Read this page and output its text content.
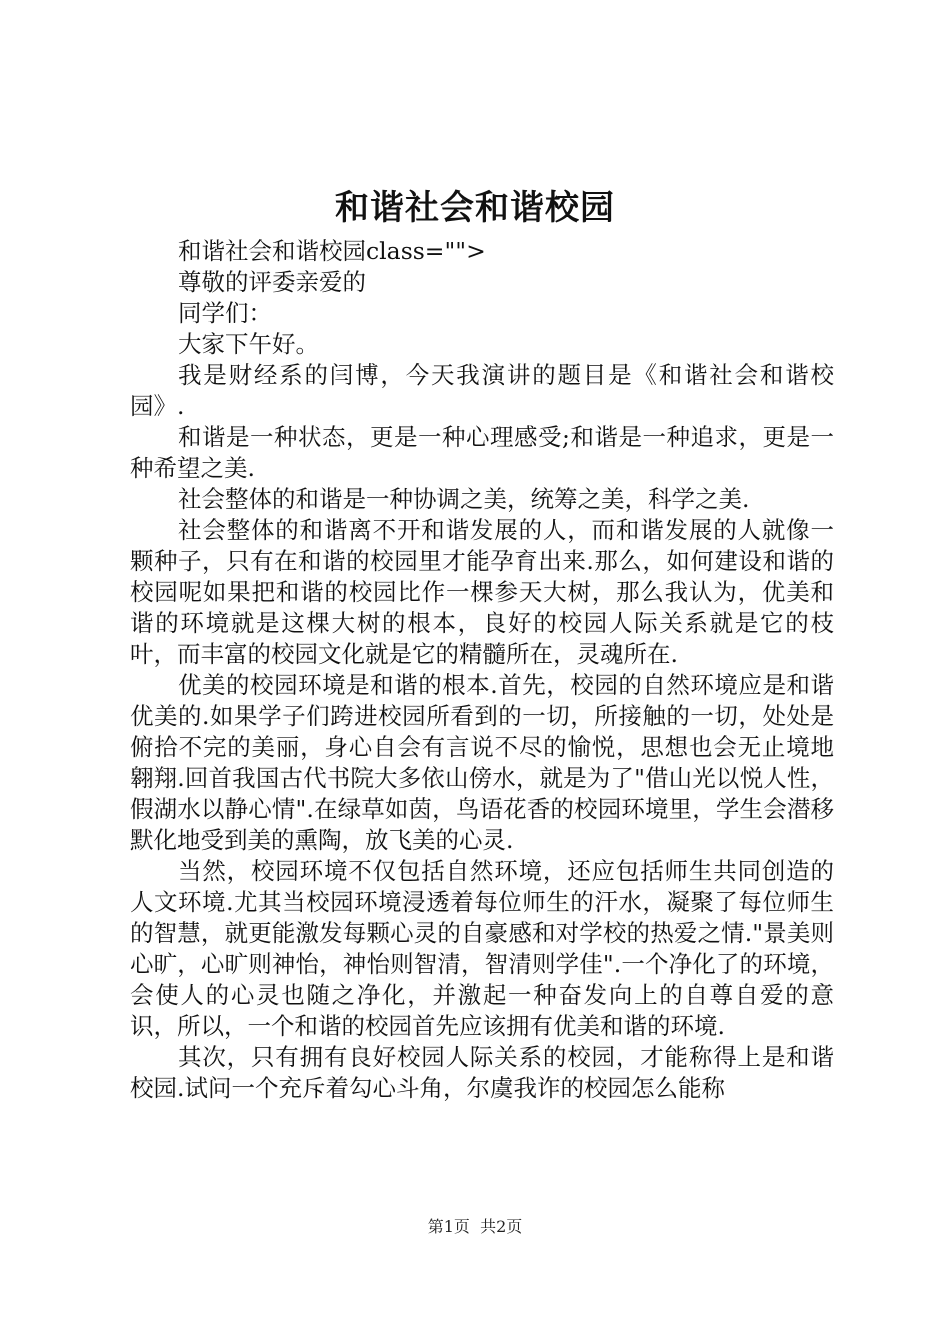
和谐社会和谐校园

和谐社会和谐校园class="">

尊敬的评委亲爱的

同学们：

大家下午好。

我是财经系的闫博，今天我演讲的题目是《和谐社会和谐校园》.

和谐是一种状态，更是一种心理感受;和谐是一种追求，更是一种希望之美.

社会整体的和谐是一种协调之美，统筹之美，科学之美.

社会整体的和谐离不开和谐发展的人，而和谐发展的人就像一颗种子，只有在和谐的校园里才能孕育出来.那么，如何建设和谐的校园呢如果把和谐的校园比作一棵参天大树，那么我认为，优美和谐的环境就是这棵大树的根本，良好的校园人际关系就是它的枝叶，而丰富的校园文化就是它的精髓所在，灵魂所在.

优美的校园环境是和谐的根本.首先，校园的自然环境应是和谐优美的.如果学子们跨进校园所看到的一切，所接触的一切，处处是俯拾不完的美丽，身心自会有言说不尽的愉悦，思想也会无止境地翱翔.回首我国古代书院大多依山傍水，就是为了"借山光以悦人性，假湖水以静心情".在绿草如茵，鸟语花香的校园环境里，学生会潜移默化地受到美的熏陶，放飞美的心灵.

当然，校园环境不仅包括自然环境，还应包括师生共同创造的人文环境.尤其当校园环境浸透着每位师生的汗水，凝聚了每位师生的智慧，就更能激发每颗心灵的自豪感和对学校的热爱之情."景美则心旷，心旷则神怡，神怡则智清，智清则学佳".一个净化了的环境，会使人的心灵也随之净化，并激起一种奋发向上的自尊自爱的意识，所以，一个和谐的校园首先应该拥有优美和谐的环境.

其次，只有拥有良好校园人际关系的校园，才能称得上是和谐校园.试问一个充斥着勾心斗角，尔虞我诈的校园怎么能称

第1页  共2页
